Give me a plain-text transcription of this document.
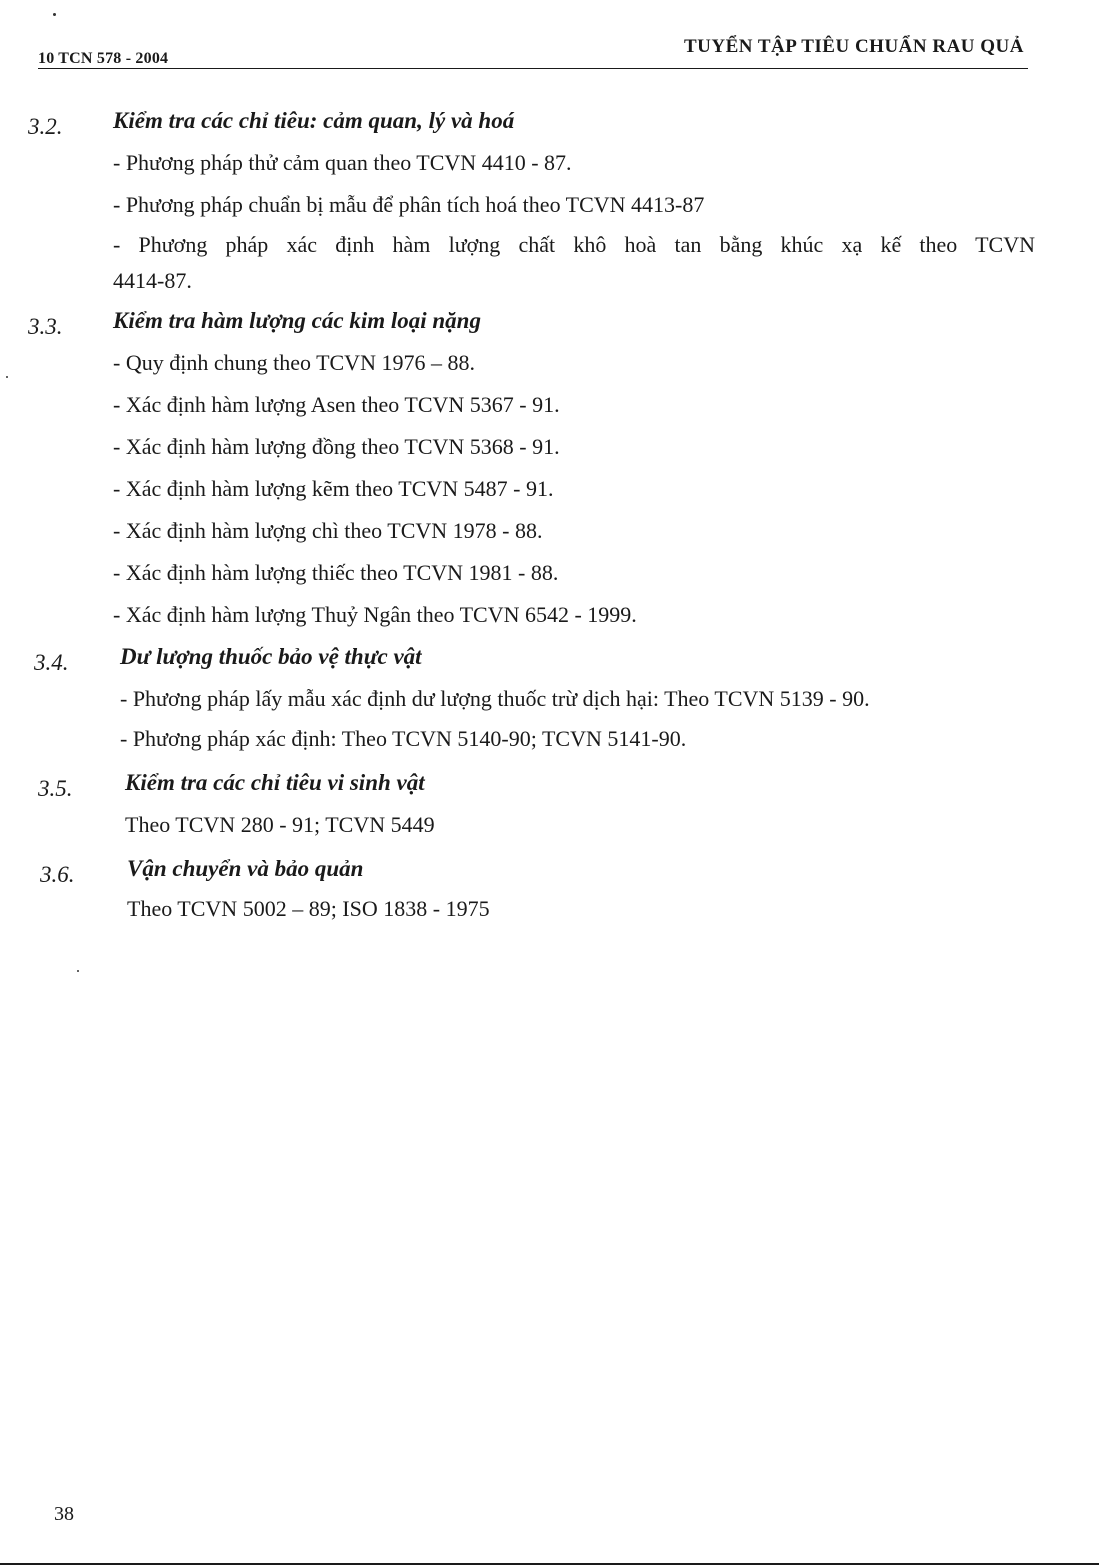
10 TCN 578 - 2004
TUYỂN TẬP TIÊU CHUẨN RAU QUẢ
3.2. Kiểm tra các chỉ tiêu: cảm quan, lý và hoá
- Phương pháp thử cảm quan theo TCVN 4410 - 87.
- Phương pháp chuẩn bị mẫu để phân tích hoá theo TCVN 4413-87
- Phương pháp xác định hàm lượng chất khô hoà tan bằng khúc xạ kế theo TCVN
4414-87.
3.3. Kiểm tra hàm lượng các kim loại nặng
- Quy định chung theo TCVN 1976 – 88.
- Xác định hàm lượng Asen theo TCVN 5367 - 91.
- Xác định hàm lượng đồng theo TCVN 5368 - 91.
- Xác định hàm lượng kẽm theo TCVN 5487 - 91.
- Xác định hàm lượng chì theo TCVN 1978 - 88.
- Xác định hàm lượng thiếc theo TCVN 1981 - 88.
- Xác định hàm lượng Thuỷ Ngân theo TCVN 6542 - 1999.
3.4. Dư lượng thuốc bảo vệ thực vật
- Phương pháp lấy mẫu xác định dư lượng thuốc trừ dịch hại: Theo TCVN 5139 - 90.
- Phương pháp xác định: Theo TCVN 5140-90; TCVN 5141-90.
3.5. Kiểm tra các chỉ tiêu vi sinh vật
Theo TCVN 280 - 91; TCVN 5449
3.6. Vận chuyển và bảo quản
Theo TCVN 5002 – 89; ISO 1838 - 1975
38
